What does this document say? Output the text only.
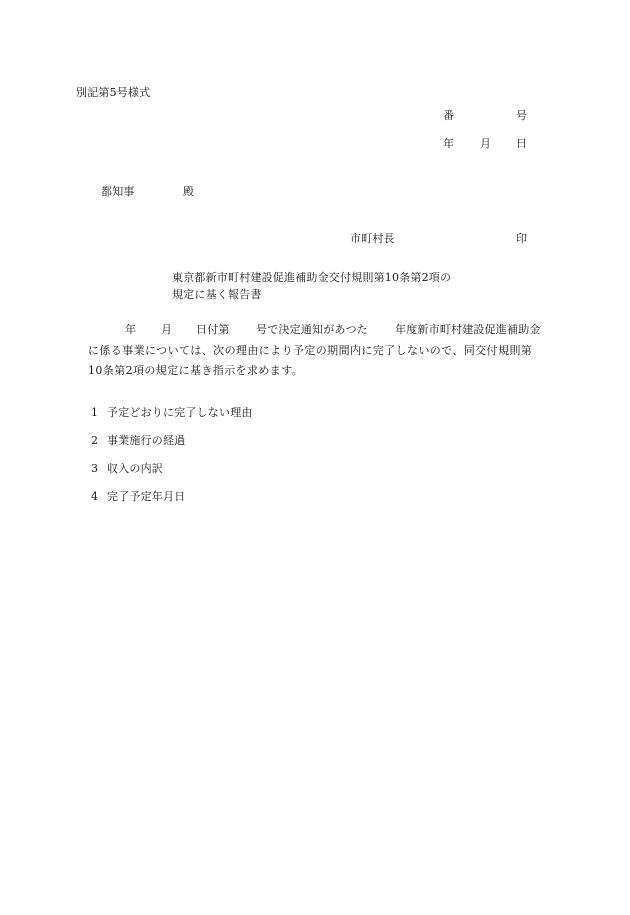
別記第5号様式
番	号
年 月 日
都知事	殿
市町村長	印
東京都新市町村建設促進補助金交付規則第10条第2項の
規定に基く報告書
年 月 日付第 号で決定通知があつた 年度新市町村建設促進補助金
に係る事業については、次の理由により予定の期間内に完了しないので、同交付規則第
10条第2項の規定に基き指示を求めます。
1 予定どおりに完了しない理由
2 事業施行の経過
3 収入の内訳
4 完了予定年月日
